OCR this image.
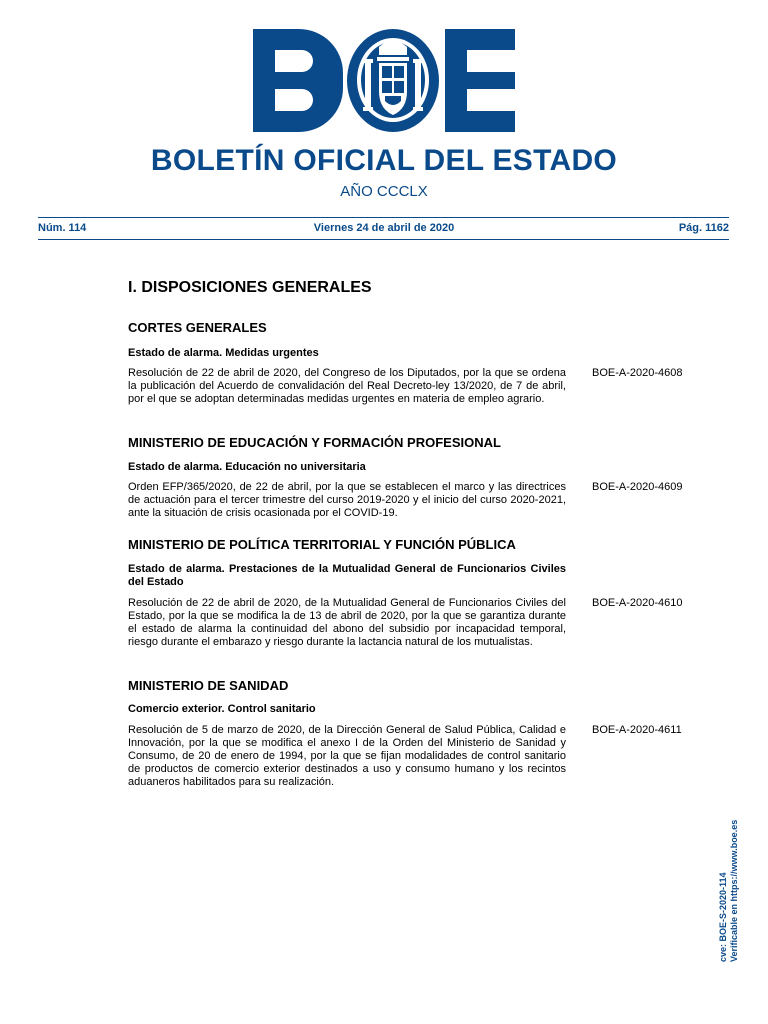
BOLETÍN OFICIAL DEL ESTADO
AÑO CCCLX
Núm. 114	Viernes 24 de abril de 2020	Pág. 1162
I. DISPOSICIONES GENERALES
CORTES GENERALES
Estado de alarma. Medidas urgentes
Resolución de 22 de abril de 2020, del Congreso de los Diputados, por la que se ordena la publicación del Acuerdo de convalidación del Real Decreto-ley 13/2020, de 7 de abril, por el que se adoptan determinadas medidas urgentes en materia de empleo agrario.
BOE-A-2020-4608
MINISTERIO DE EDUCACIÓN Y FORMACIÓN PROFESIONAL
Estado de alarma. Educación no universitaria
Orden EFP/365/2020, de 22 de abril, por la que se establecen el marco y las directrices de actuación para el tercer trimestre del curso 2019-2020 y el inicio del curso 2020-2021, ante la situación de crisis ocasionada por el COVID-19.
BOE-A-2020-4609
MINISTERIO DE POLÍTICA TERRITORIAL Y FUNCIÓN PÚBLICA
Estado de alarma. Prestaciones de la Mutualidad General de Funcionarios Civiles del Estado
Resolución de 22 de abril de 2020, de la Mutualidad General de Funcionarios Civiles del Estado, por la que se modifica la de 13 de abril de 2020, por la que se garantiza durante el estado de alarma la continuidad del abono del subsidio por incapacidad temporal, riesgo durante el embarazo y riesgo durante la lactancia natural de los mutualistas.
BOE-A-2020-4610
MINISTERIO DE SANIDAD
Comercio exterior. Control sanitario
Resolución de 5 de marzo de 2020, de la Dirección General de Salud Pública, Calidad e Innovación, por la que se modifica el anexo I de la Orden del Ministerio de Sanidad y Consumo, de 20 de enero de 1994, por la que se fijan modalidades de control sanitario de productos de comercio exterior destinados a uso y consumo humano y los recintos aduaneros habilitados para su realización.
BOE-A-2020-4611
cve: BOE-S-2020-114 Verificable en https://www.boe.es
